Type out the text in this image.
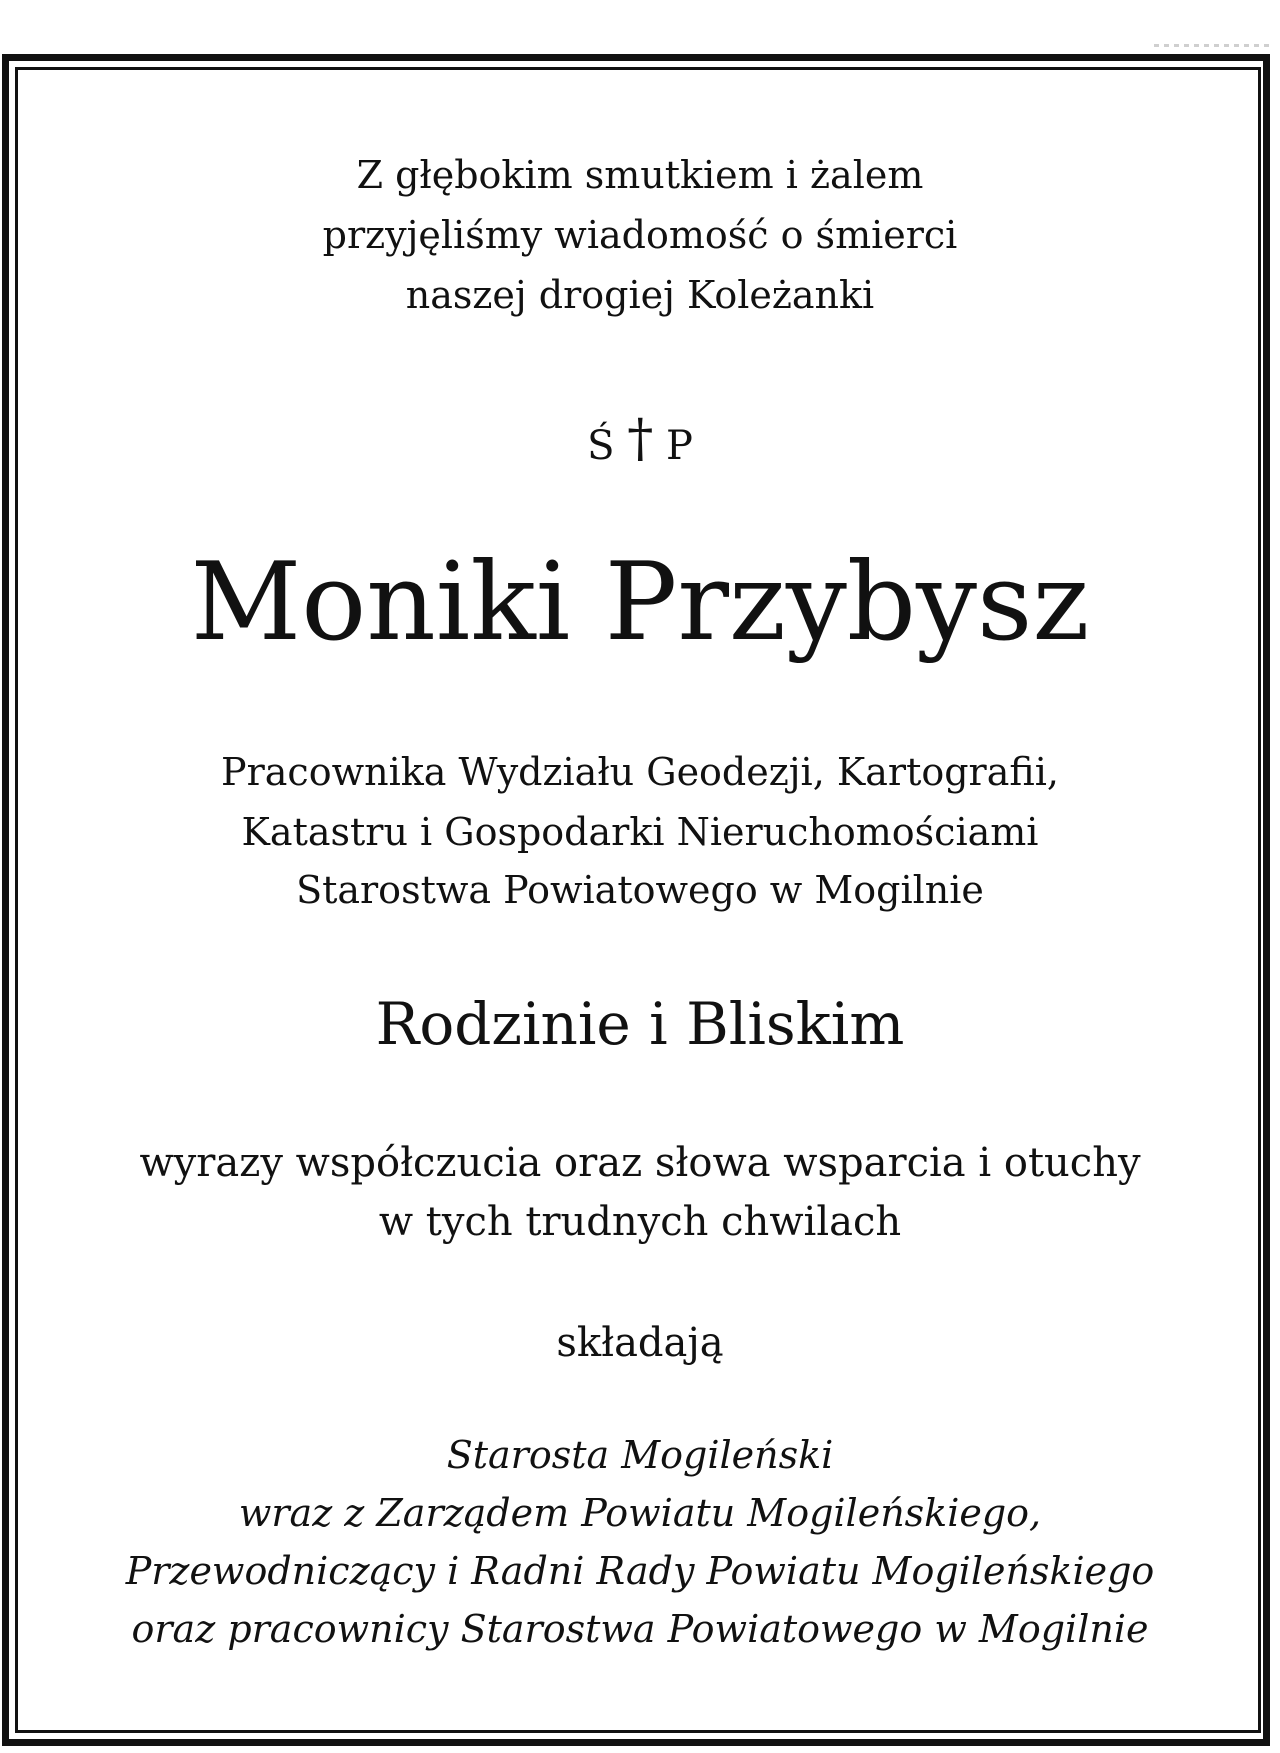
Z głębokim smutkiem i żalem

przyjęliśmy wiadomość o śmierci

naszej drogiej Koleżanki

Ś † P

Moniki Przybysz

Pracownika Wydziału Geodezji, Kartografii,

Katastru i Gospodarki Nieruchomościami

Starostwa Powiatowego w Mogilnie

Rodzinie i Bliskim

wyrazy współczucia oraz słowa wsparcia i otuchy

w tych trudnych chwilach

składają

Starosta Mogileński

wraz z Zarządem Powiatu Mogileńskiego,

Przewodniczący i Radni Rady Powiatu Mogileńskiego

oraz pracownicy Starostwa Powiatowego w Mogilnie
